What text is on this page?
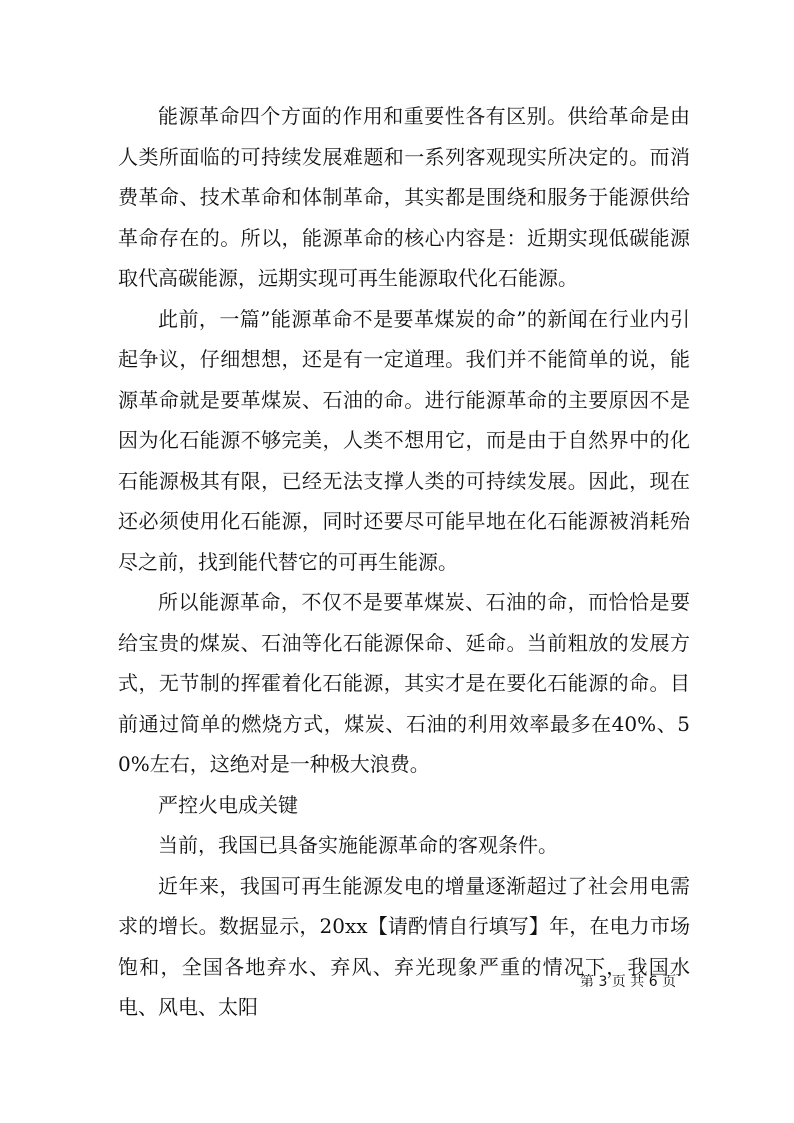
能源革命四个方面的作用和重要性各有区别。供给革命是由人类所面临的可持续发展难题和一系列客观现实所决定的。而消费革命、技术革命和体制革命，其实都是围绕和服务于能源供给革命存在的。所以，能源革命的核心内容是：近期实现低碳能源取代高碳能源，远期实现可再生能源取代化石能源。

此前，一篇”能源革命不是要革煤炭的命”的新闻在行业内引起争议，仔细想想，还是有一定道理。我们并不能简单的说，能源革命就是要革煤炭、石油的命。进行能源革命的主要原因不是因为化石能源不够完美，人类不想用它，而是由于自然界中的化石能源极其有限，已经无法支撑人类的可持续发展。因此，现在还必须使用化石能源，同时还要尽可能早地在化石能源被消耗殆尽之前，找到能代替它的可再生能源。

所以能源革命，不仅不是要革煤炭、石油的命，而恰恰是要给宝贵的煤炭、石油等化石能源保命、延命。当前粗放的发展方式，无节制的挥霍着化石能源，其实才是在要化石能源的命。目前通过简单的燃烧方式，煤炭、石油的利用效率最多在40%、50%左右，这绝对是一种极大浪费。

严控火电成关键

当前，我国已具备实施能源革命的客观条件。

近年来，我国可再生能源发电的增量逐渐超过了社会用电需求的增长。数据显示，20xx【请酌情自行填写】年，在电力市场饱和，全国各地弃水、弃风、弃光现象严重的情况下，我国水电、风电、太阳

第 3 页 共 6 页
